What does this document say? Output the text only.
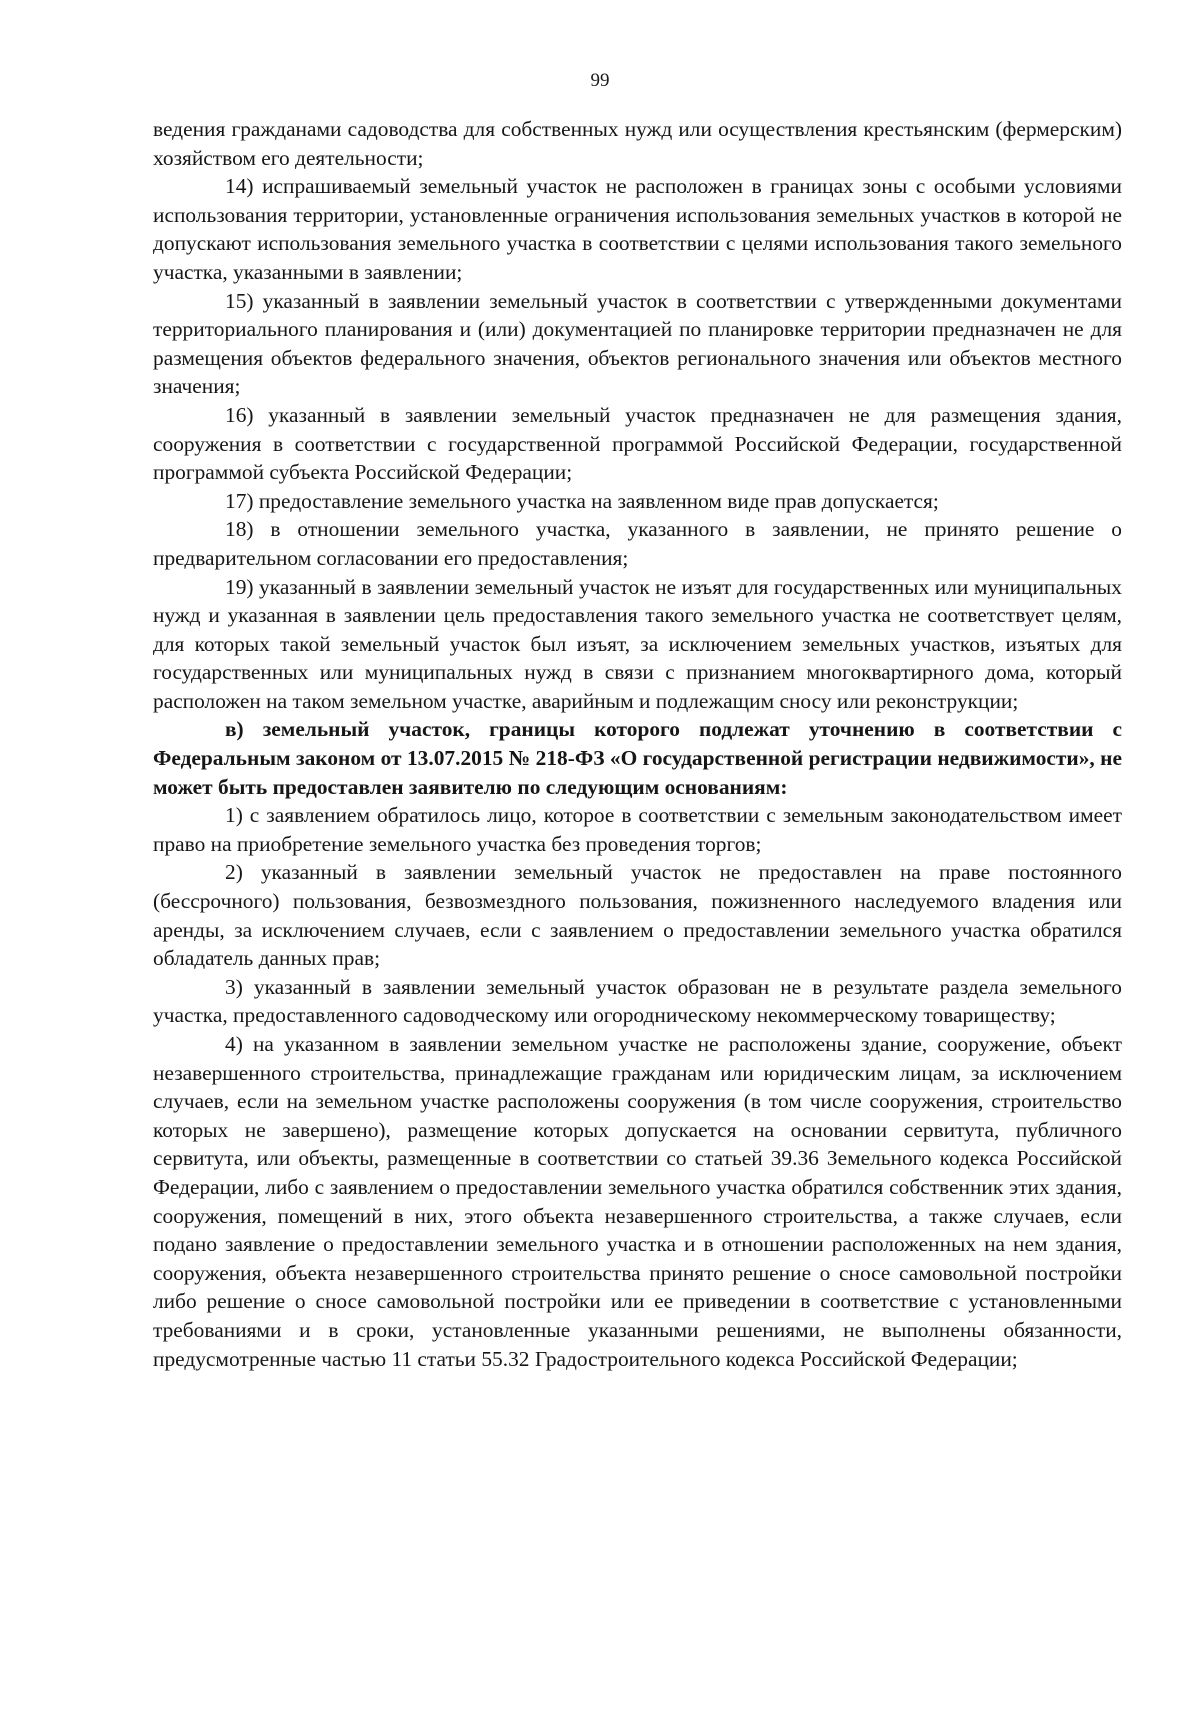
99

ведения гражданами садоводства для собственных нужд или осуществления крестьянским (фермерским) хозяйством его деятельности;

14) испрашиваемый земельный участок не расположен в границах зоны с особыми условиями использования территории, установленные ограничения использования земельных участков в которой не допускают использования земельного участка в соответствии с целями использования такого земельного участка, указанными в заявлении;

15) указанный в заявлении земельный участок в соответствии с утвержденными документами территориального планирования и (или) документацией по планировке территории предназначен не для размещения объектов федерального значения, объектов регионального значения или объектов местного значения;

16) указанный в заявлении земельный участок предназначен не для размещения здания, сооружения в соответствии с государственной программой Российской Федерации, государственной программой субъекта Российской Федерации;

17) предоставление земельного участка на заявленном виде прав допускается;

18) в отношении земельного участка, указанного в заявлении, не принято решение о предварительном согласовании его предоставления;

19) указанный в заявлении земельный участок не изъят для государственных или муниципальных нужд и указанная в заявлении цель предоставления такого земельного участка не соответствует целям, для которых такой земельный участок был изъят, за исключением земельных участков, изъятых для государственных или муниципальных нужд в связи с признанием многоквартирного дома, который расположен на таком земельном участке, аварийным и подлежащим сносу или реконструкции;

в) земельный участок, границы которого подлежат уточнению в соответствии с Федеральным законом от 13.07.2015 № 218-ФЗ «О государственной регистрации недвижимости», не может быть предоставлен заявителю по следующим основаниям:

1) с заявлением обратилось лицо, которое в соответствии с земельным законодательством имеет право на приобретение земельного участка без проведения торгов;

2) указанный в заявлении земельный участок не предоставлен на праве постоянного (бессрочного) пользования, безвозмездного пользования, пожизненного наследуемого владения или аренды, за исключением случаев, если с заявлением о предоставлении земельного участка обратился обладатель данных прав;

3) указанный в заявлении земельный участок образован не в результате раздела земельного участка, предоставленного садоводческому или огородническому некоммерческому товариществу;

4) на указанном в заявлении земельном участке не расположены здание, сооружение, объект незавершенного строительства, принадлежащие гражданам или юридическим лицам, за исключением случаев, если на земельном участке расположены сооружения (в том числе сооружения, строительство которых не завершено), размещение которых допускается на основании сервитута, публичного сервитута, или объекты, размещенные в соответствии со статьей 39.36 Земельного кодекса Российской Федерации, либо с заявлением о предоставлении земельного участка обратился собственник этих здания, сооружения, помещений в них, этого объекта незавершенного строительства, а также случаев, если подано заявление о предоставлении земельного участка и в отношении расположенных на нем здания, сооружения, объекта незавершенного строительства принято решение о сносе самовольной постройки либо решение о сносе самовольной постройки или ее приведении в соответствие с установленными требованиями и в сроки, установленные указанными решениями, не выполнены обязанности, предусмотренные частью 11 статьи 55.32 Градостроительного кодекса Российской Федерации;
